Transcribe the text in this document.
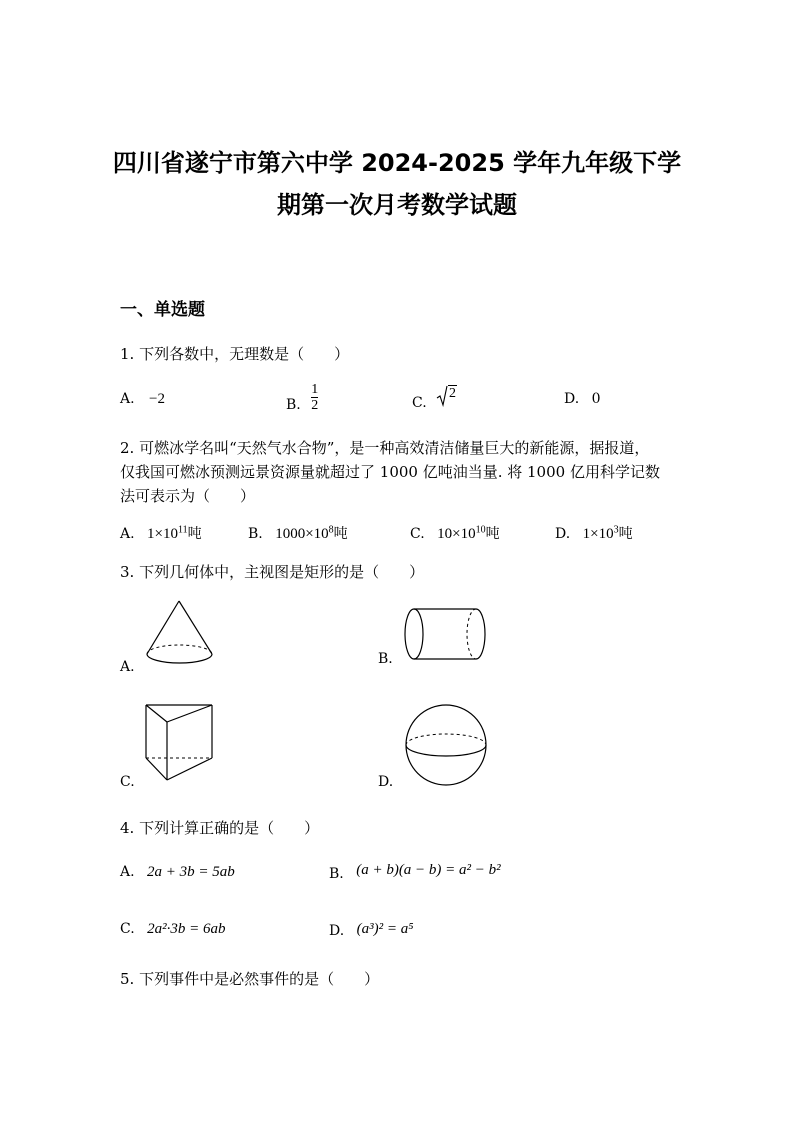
四川省遂宁市第六中学 2024-2025 学年九年级下学
期第一次月考数学试题
一、单选题
1. 下列各数中，无理数是（　　）
A. −2	B. $\frac{1}{2}$	C.
2	D. 0
2. 可燃冰学名叫“天然气水合物”，是一种高效清洁储量巨大的新能源，据报道，
仅我国可燃冰预测远景资源量就超过了 1000 亿吨油当量. 将 1000 亿用科学记数
法可表示为（　　）
A. $1\times 10^{11}$吨	B. $1000\times 10^8$吨	C. $10\times 10^{10}$吨	D. $1\times 10^3$吨
3. 下列几何体中，主视图是矩形的是（　　）
A.	B.
C.	D.
4. 下列计算正确的是（　　）
A. 2a + 3b = 5ab	B. (a + b)(a − b) = a² − b²
C. 2a²·3b = 6ab	D. (a³)² = a⁵
5. 下列事件中是必然事件的是（　　）
